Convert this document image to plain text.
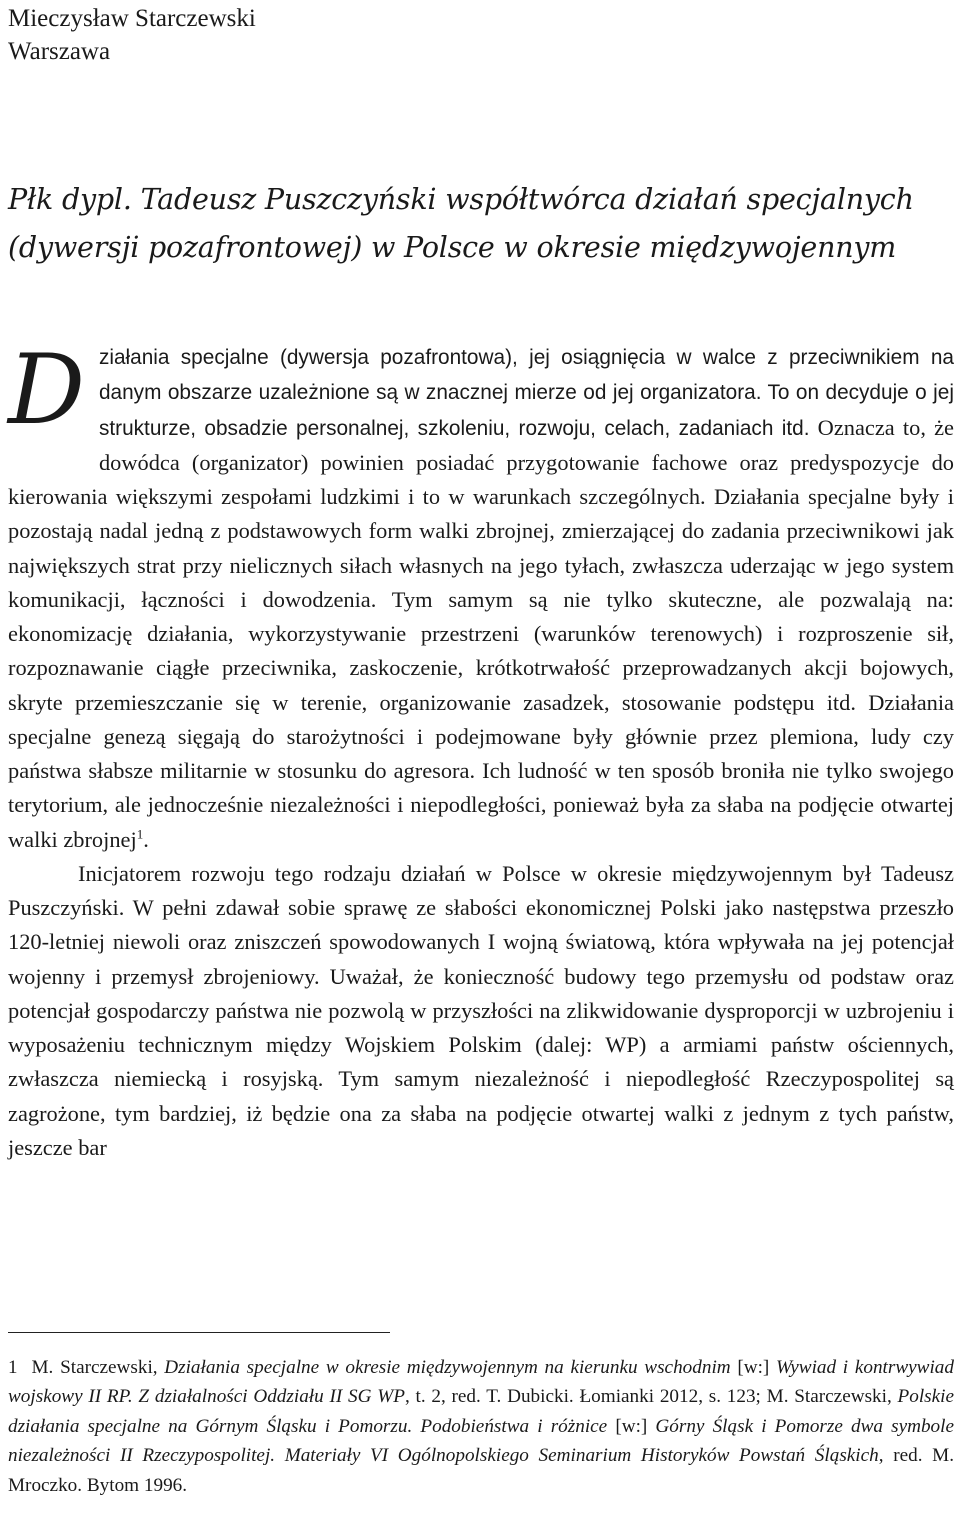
Mieczysław Starczewski
Warszawa
Płk dypl. Tadeusz Puszczyński współtwórca działań specjalnych
(dywersji pozafrontowej) w Polsce w okresie międzywojennym

Działania specjalne (dywersja pozafrontowa), jej osiągnięcia w walce z przeciwnikiem na danym obszarze uzależnione są w znacznej mierze od jej organizatora. To on decyduje o jej strukturze, obsadzie personalnej, szkoleniu, rozwoju, celach, zadaniach itd. Oznacza to, że dowódca (organizator) powinien posiadać przygotowanie fachowe oraz predyspozycje do kierowania większymi zespołami ludzkimi i to w warunkach szczególnych. Działania specjalne były i pozostają nadal jedną z podstawowych form walki zbrojnej, zmierzającej do zadania przeciwnikowi jak największych strat przy nielicznych siłach własnych na jego tyłach, zwłaszcza uderzając w jego system komunikacji, łączności i dowodzenia. Tym samym są nie tylko skuteczne, ale pozwalają na: ekonomizację działania, wykorzystywanie przestrzeni (warunków terenowych) i rozproszenie sił, rozpoznawanie ciągłe przeciwnika, zaskoczenie, krótkotrwałość przeprowadzanych akcji bojowych, skryte przemieszczanie się w terenie, organizowanie zasadzek, stosowanie podstępu itd. Działania specjalne genezą sięgają do starożytności i podejmowane były głównie przez plemiona, ludy czy państwa słabsze militarnie w stosunku do agresora. Ich ludność w ten sposób broniła nie tylko swojego terytorium, ale jednocześnie niezależności i niepodległości, ponieważ była za słaba na podjęcie otwartej walki zbrojnej$^1$.

Inicjatorem rozwoju tego rodzaju działań w Polsce w okresie międzywojennym był Tadeusz Puszczyński. W pełni zdawał sobie sprawę ze słabości ekonomicznej Polski jako następstwa przeszło 120-letniej niewoli oraz zniszczeń spowodowanych I wojną światową, która wpływała na jej potencjał wojenny i przemysł zbrojeniowy. Uważał, że konieczność budowy tego przemysłu od podstaw oraz potencjał gospodarczy państwa nie pozwolą w przyszłości na zlikwidowanie dysproporcji w uzbrojeniu i wyposażeniu technicznym między Wojskiem Polskim (dalej: WP) a armiami państw ościennych, zwłaszcza niemiecką i rosyjską. Tym samym niezależność i niepodległość Rzeczypospolitej są zagrożone, tym bardziej, iż będzie ona za słaba na podjęcie otwartej walki z jednym z tych państw, jeszcze bar

1 M. Starczewski, Działania specjalne w okresie międzywojennym na kierunku wschodnim [w:] Wywiad i kontrwywiad wojskowy II RP. Z działalności Oddziału II SG WP, t. 2, red. T. Dubicki. Łomianki 2012, s. 123; M. Starczewski, Polskie działania specjalne na Górnym Śląsku i Pomorzu. Podobieństwa i różnice [w:] Górny Śląsk i Pomorze dwa symbole niezależności II Rzeczypospolitej. Materiały VI Ogólnopolskiego Seminarium Historyków Powstań Śląskich, red. M. Mroczko. Bytom 1996.
